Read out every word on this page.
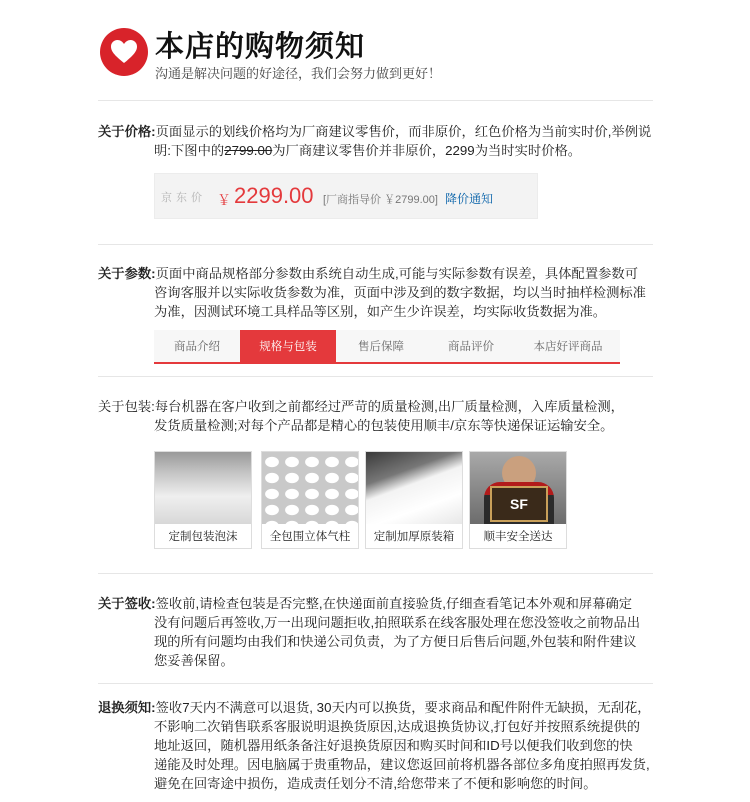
本店的购物须知
沟通是解决问题的好途径，我们会努力做到更好！
关于价格:页面显示的划线价格均为厂商建议零售价，而非原价，红色价格为当前实时价,举例说
明:下图中的2799.00为厂商建议零售价并非原价，2299为当时实时价格。
京东价 ￥ 2299.00 [厂商指导价 ￥2799.00] 降价通知
关于参数:页面中商品规格部分参数由系统自动生成,可能与实际参数有误差，具体配置参数可
咨询客服并以实际收货参数为准，页面中涉及到的数字数据，均以当时抽样检测标准
为准，因测试环境工具样品等区别，如产生少许误差，均实际收货数据为准。
商品介绍	规格与包装	售后保障	商品评价	本店好评商品
关于包装:每台机器在客户收到之前都经过严苛的质量检测,出厂质量检测，入库质量检测，
发货质量检测;对每个产品都是精心的包装使用顺丰/京东等快递保证运输安全。
定制包装泡沫	全包围立体气柱	定制加厚原装箱
SF
顺丰安全送达
关于签收:签收前,请检查包装是否完整,在快递面前直接验货,仔细查看笔记本外观和屏幕确定
没有问题后再签收,万一出现问题拒收,拍照联系在线客服处理在您没签收之前物品出
现的所有问题均由我们和快递公司负责，为了方便日后售后问题,外包装和附件建议
您妥善保留。
退换须知:签收7天内不满意可以退货, 30天内可以换货，要求商品和配件附件无缺损，无刮花，
不影响二次销售联系客服说明退换货原因,达成退换货协议,打包好并按照系统提供的
地址返回，随机器用纸条备注好退换货原因和购买时间和ID号以便我们收到您的快
递能及时处理。因电脑属于贵重物品，建议您返回前将机器各部位多角度拍照再发货,
避免在回寄途中损伤，造成责任划分不清,给您带来了不便和影响您的时间。
